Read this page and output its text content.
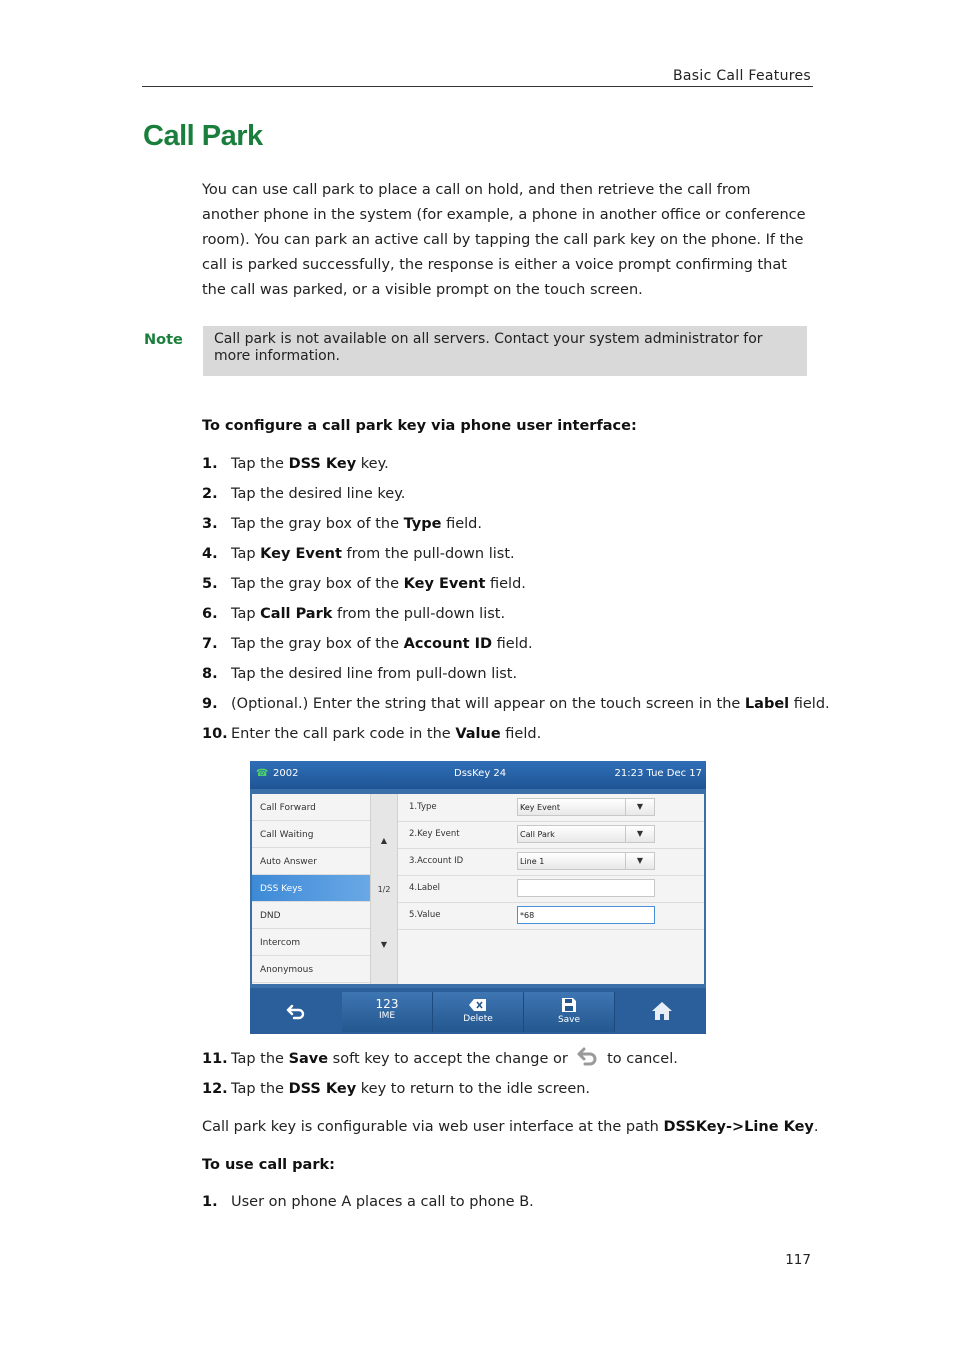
Basic Call Features
Call Park
You can use call park to place a call on hold, and then retrieve the call from another phone in the system (for example, a phone in another office or conference room). You can park an active call by tapping the call park key on the phone. If the call is parked successfully, the response is either a voice prompt confirming that the call was parked, or a visible prompt on the touch screen.
Note	Call park is not available on all servers. Contact your system administrator for more information.
To configure a call park key via phone user interface:
1. Tap the DSS Key key.
2. Tap the desired line key.
3. Tap the gray box of the Type field.
4. Tap Key Event from the pull-down list.
5. Tap the gray box of the Key Event field.
6. Tap Call Park from the pull-down list.
7. Tap the gray box of the Account ID field.
8. Tap the desired line from pull-down list.
9. (Optional.) Enter the string that will appear on the touch screen in the Label field.
10. Enter the call park code in the Value field.
☎ 2002	DssKey 24	21:23 Tue Dec 17
Call Forward
Call Waiting
Auto Answer
DSS Keys
DND
Intercom
Anonymous
▲
1/2
▼
1.Type	Key Event	▼
2.Key Event	Call Park	▼
3.Account ID	Line 1	▼
4.Label
5.Value	*68
123
IME	Delete	Save
11. Tap the Save soft key to accept the change or  to cancel.
12. Tap the DSS Key key to return to the idle screen.
Call park key is configurable via web user interface at the path DSSKey->Line Key.
To use call park:
1. User on phone A places a call to phone B.
117
